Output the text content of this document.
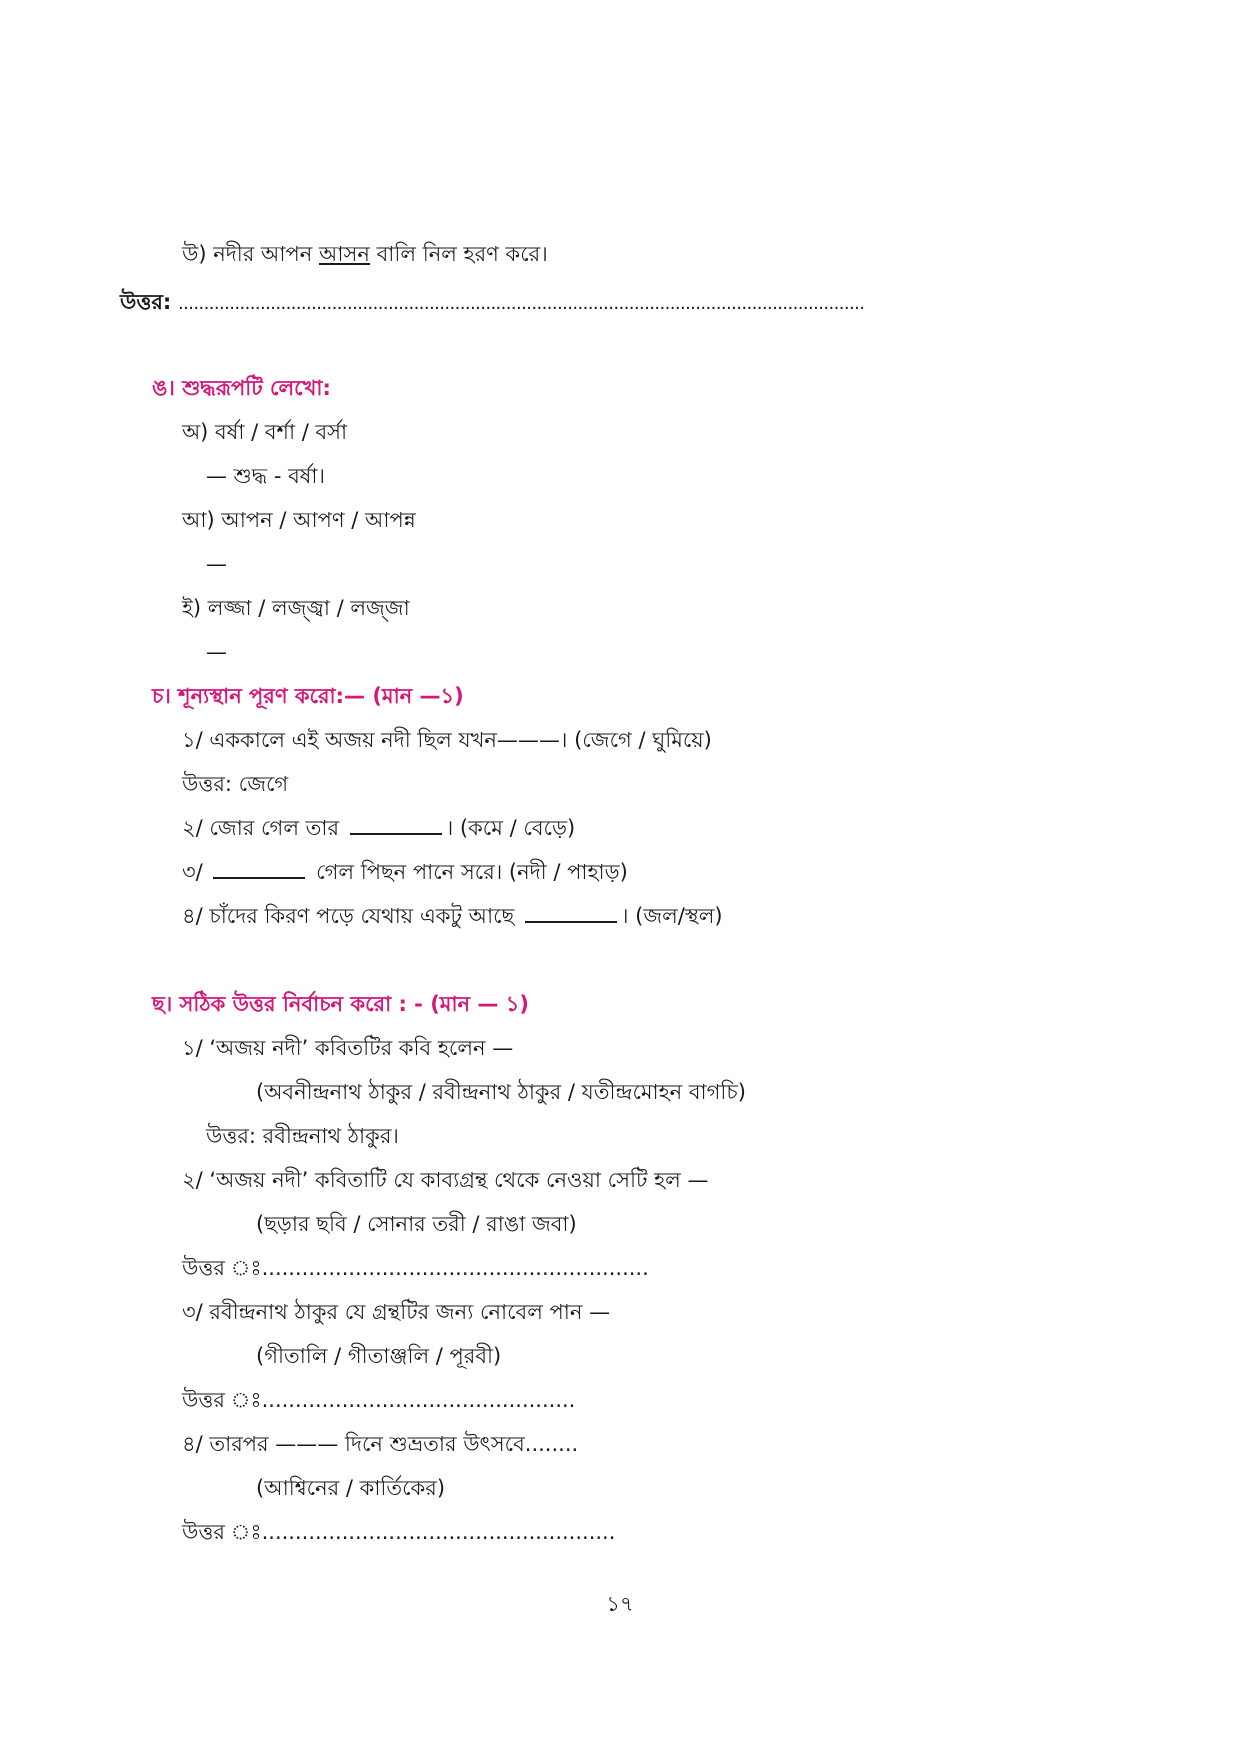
উ) নদীর আপন আসন বালি নিল হরণ করে।
উত্তর: ......................................................................................................................................
ঙ। শুদ্ধরূপটি লেখো:
অ) বর্ষা / বর্শা / বর্সা
— শুদ্ধ - বর্ষা।
আ) আপন / আপণ / আপন্ন
—
ই) লজ্জা / লজ্জ্বা / লজ্‌জা
—
চ। শূন্যস্থান পূরণ করো:— (মান —১)
১/ এককালে এই অজয় নদী ছিল যখন———। (জেগে / ঘুমিয়ে)
উত্তর: জেগে
২/ জোর গেল তার	। (কমে / বেড়ে)
৩/	গেল পিছন পানে সরে। (নদী / পাহাড়)
৪/ চাঁদের কিরণ পড়ে যেথায় একটু আছে	। (জল/স্থল)
ছ। সঠিক উত্তর নির্বাচন করো : - (মান — ১)
১/ ‘অজয় নদী’ কবিতটির কবি হলেন —
(অবনীন্দ্রনাথ ঠাকুর / রবীন্দ্রনাথ ঠাকুর / যতীন্দ্রমোহন বাগচি)
উত্তর: রবীন্দ্রনাথ ঠাকুর।
২/ ‘অজয় নদী’ কবিতাটি যে কাব্যগ্রন্থ থেকে নেওয়া সেটি হল —
(ছড়ার ছবি / সোনার তরী / রাঙা জবা)
উত্তর ঃ..........................................................
৩/ রবীন্দ্রনাথ ঠাকুর যে গ্রন্থটির জন্য নোবেল পান —
(গীতালি / গীতাঞ্জলি / পূরবী)
উত্তর ঃ...............................................
৪/ তারপর ——— দিনে শুভ্রতার উৎসবে........
(আশ্বিনের / কার্তিকের)
উত্তর ঃ.....................................................
১৭
